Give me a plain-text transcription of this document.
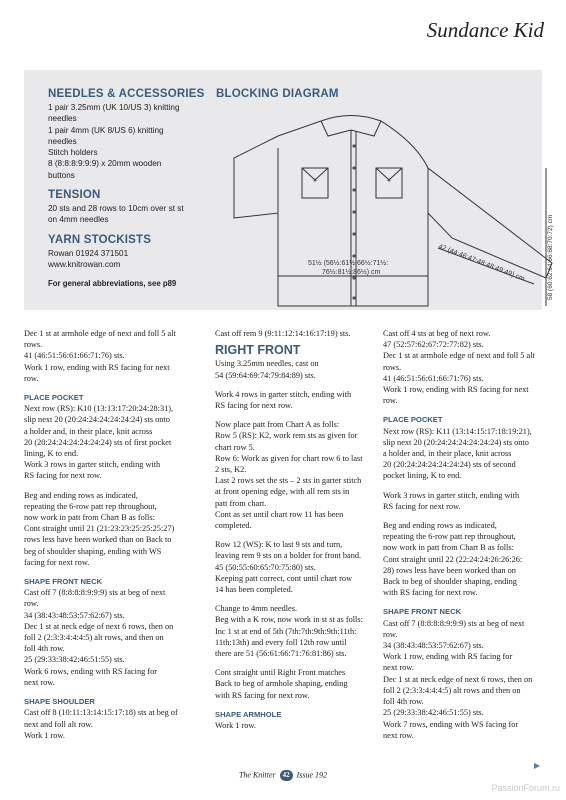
Sundance Kid
NEEDLES & ACCESSORIES
1 pair 3.25mm (UK 10/US 3) knitting
needles
1 pair 4mm (UK 8/US 6) knitting
needles
Stitch holders
8 (8:8:8:9:9:9) x 20mm wooden
buttons
TENSION
20 sts and 28 rows to 10cm over st st
on 4mm needles
YARN STOCKISTS
Rowan 01924 371501
www.knitrowan.com
For general abbreviations, see p89
BLOCKING DIAGRAM
51½ (56½:61½:66½:71½:
76½:81½:86½) cm	42 (44:46:47:48:48:49:49) cm	58 (60:62:64:66:68:70:72) cm
Dec 1 st at armhole edge of next and foll 5 alt
rows.
41 (46:51:56:61:66:71:76) sts.
Work 1 row, ending with RS facing for next
row.
PLACE POCKET
Next row (RS): K10 (13:13:17:20:24:28:31),
slip next 20 (20:24:24:24:24:24:24) sts onto
a holder and, in their place, knit across
20 (20:24:24:24:24:24:24) sts of first pocket
lining, K to end.
Work 3 rows in garter stitch, ending with
RS facing for next row.
Beg and ending rows as indicated,
repeating the 6-row patt rep throughout,
now work in patt from Chart B as folls:
Cont straight until 21 (21:23:23:25:25:25:27)
rows less have been worked than on Back to
beg of shoulder shaping, ending with WS
facing for next row.
SHAPE FRONT NECK
Cast off 7 (8:8:8:8:9:9:9) sts at beg of next
row.
34 (38:43:48:53:57:62:67) sts.
Dec 1 st at neck edge of next 6 rows, then on
foll 2 (2:3:3:4:4:4:5) alt rows, and then on
foll 4th row.
25 (29:33:38:42:46:51:55) sts.
Work 6 rows, ending with RS facing for
next row.
SHAPE SHOULDER
Cast off 8 (10:11:13:14:15:17:18) sts at beg of
next and foll alt row.
Work 1 row.
Cast off rem 9 (9:11:12:14:16:17:19) sts.
RIGHT FRONT
Using 3.25mm needles, cast on
54 (59:64:69:74:79:84:89) sts.
Work 4 rows in garter stitch, ending with
RS facing for next row.
Now place patt from Chart A as folls:
Row 5 (RS): K2, work rem sts as given for
chart row 5.
Row 6: Work as given for chart row 6 to last
2 sts, K2.
Last 2 rows set the sts – 2 sts in garter stitch
at front opening edge, with all rem sts in
patt from chart.
Cont as set until chart row 11 has been
completed.
Row 12 (WS): K to last 9 sts and turn,
leaving rem 9 sts on a holder for front band.
45 (50:55:60:65:70:75:80) sts.
Keeping patt correct, cont until chart row
14 has been completed.
Change to 4mm needles.
Beg with a K row, now work in st st as folls:
Inc 1 st at end of 5th (7th:7th:9th:9th:11th:
11th:13th) and every foll 12th row until
there are 51 (56:61:66:71:76:81:86) sts.
Cont straight until Right Front matches
Back to beg of armhole shaping, ending
with RS facing for next row.
SHAPE ARMHOLE
Work 1 row.
Cast off 4 sts at beg of next row.
47 (52:57:62:67:72:77:82) sts.
Dec 1 st at armhole edge of next and foll 5 alt
rows.
41 (46:51:56:61:66:71:76) sts.
Work 1 row, ending with RS facing for next
row.
PLACE POCKET
Next row (RS): K11 (13:14:15:17:18:19:21),
slip next 20 (20:24:24:24:24:24:24) sts onto
a holder and, in their place, knit across
20 (20:24:24:24:24:24:24) sts of second
pocket lining, K to end.
Work 3 rows in garter stitch, ending with
RS facing for next row.
Beg and ending rows as indicated,
repeating the 6-row patt rep throughout,
now work in patt from Chart B as folls:
Cont straight until 22 (22:24:24:26:26:26:
28) rows less have been worked than on
Back to beg of shoulder shaping, ending
with RS facing for next row.
SHAPE FRONT NECK
Cast off 7 (8:8:8:8:9:9:9) sts at beg of next
row.
34 (38:43:48:53:57:62:67) sts.
Work 1 row, ending with RS facing for
next row.
Dec 1 st at neck edge of next 6 rows, then on
foll 2 (2:3:3:4:4:4:5) alt rows and then on
foll 4th row.
25 (29:33:38:42:46:51:55) sts.
Work 7 rows, ending with WS facing for
next row.
▶
The Knitter 42 Issue 192
PassionForum.ru
